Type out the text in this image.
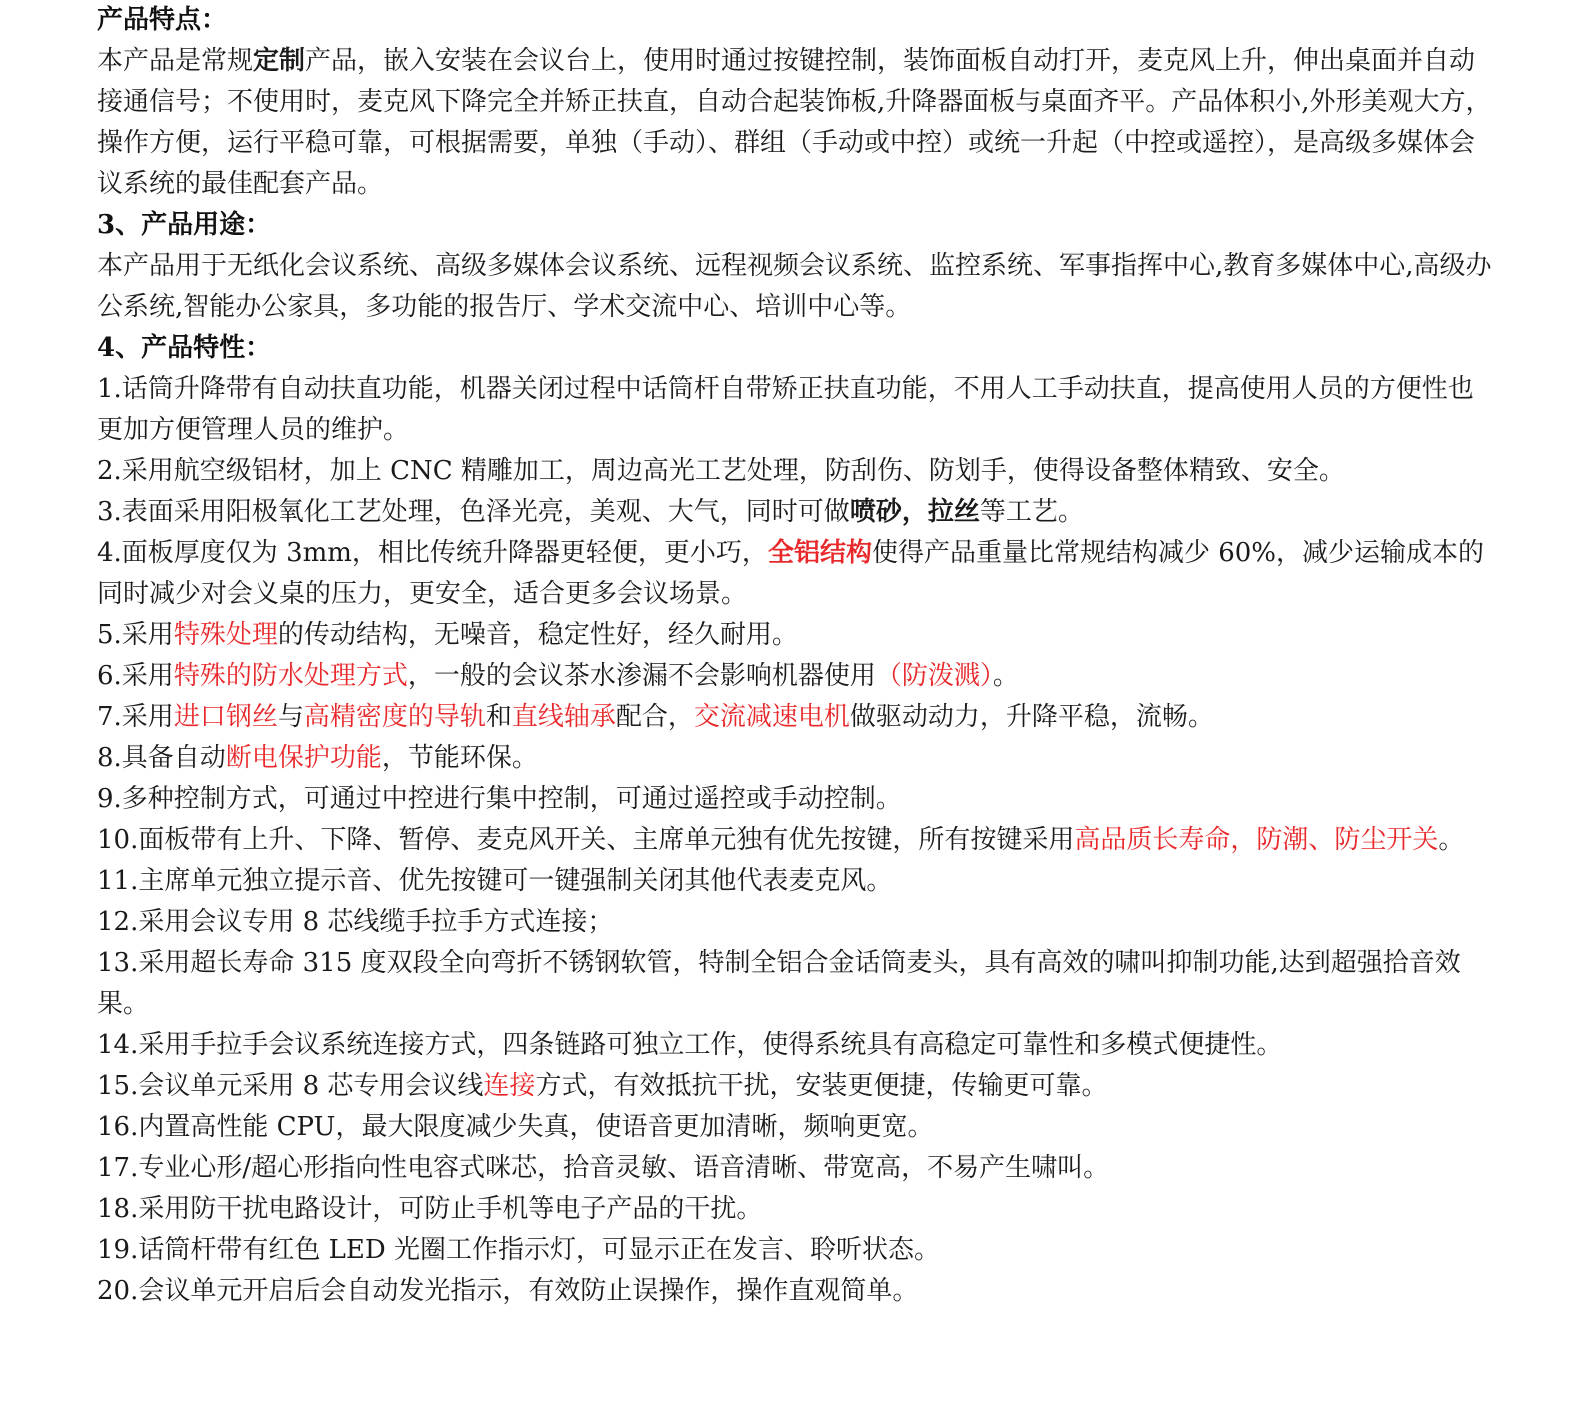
产品特点：

本产品是常规定制产品，嵌入安装在会议台上，使用时通过按键控制，装饰面板自动打开，麦克风上升，伸出桌面并自动接通信号；不使用时，麦克风下降完全并矫正扶直，自动合起装饰板,升降器面板与桌面齐平。产品体积小,外形美观大方，操作方便，运行平稳可靠，可根据需要，单独（手动）、群组（手动或中控）或统一升起（中控或遥控），是高级多媒体会议系统的最佳配套产品。

3、产品用途：

本产品用于无纸化会议系统、高级多媒体会议系统、远程视频会议系统、监控系统、军事指挥中心,教育多媒体中心,高级办公系统,智能办公家具，多功能的报告厅、学术交流中心、培训中心等。

4、产品特性：

1.话筒升降带有自动扶直功能，机器关闭过程中话筒杆自带矫正扶直功能，不用人工手动扶直，提高使用人员的方便性也更加方便管理人员的维护。

2.采用航空级铝材，加上 CNC 精雕加工，周边高光工艺处理，防刮伤、防划手，使得设备整体精致、安全。

3.表面采用阳极氧化工艺处理，色泽光亮，美观、大气，同时可做喷砂，拉丝等工艺。

4.面板厚度仅为 3mm，相比传统升降器更轻便，更小巧，全铝结构使得产品重量比常规结构减少 60%，减少运输成本的同时减少对会义桌的压力，更安全，适合更多会议场景。

5.采用特殊处理的传动结构，无噪音，稳定性好，经久耐用。

6.采用特殊的防水处理方式，一般的会议茶水渗漏不会影响机器使用（防泼溅）。

7.采用进口钢丝与高精密度的导轨和直线轴承配合，交流减速电机做驱动动力，升降平稳，流畅。

8.具备自动断电保护功能，节能环保。

9.多种控制方式，可通过中控进行集中控制，可通过遥控或手动控制。

10.面板带有上升、下降、暂停、麦克风开关、主席单元独有优先按键，所有按键采用高品质长寿命，防潮、防尘开关。

11.主席单元独立提示音、优先按键可一键强制关闭其他代表麦克风。

12.采用会议专用 8 芯线缆手拉手方式连接；

13.采用超长寿命 315 度双段全向弯折不锈钢软管，特制全铝合金话筒麦头，具有高效的啸叫抑制功能,达到超强拾音效果。

14.采用手拉手会议系统连接方式，四条链路可独立工作，使得系统具有高稳定可靠性和多模式便捷性。

15.会议单元采用 8 芯专用会议线连接方式，有效抵抗干扰，安装更便捷，传输更可靠。

16.内置高性能 CPU，最大限度减少失真，使语音更加清晰，频响更宽。

17.专业心形/超心形指向性电容式咪芯，拾音灵敏、语音清晰、带宽高，不易产生啸叫。

18.采用防干扰电路设计，可防止手机等电子产品的干扰。

19.话筒杆带有红色 LED 光圈工作指示灯，可显示正在发言、聆听状态。

20.会议单元开启后会自动发光指示，有效防止误操作，操作直观简单。
